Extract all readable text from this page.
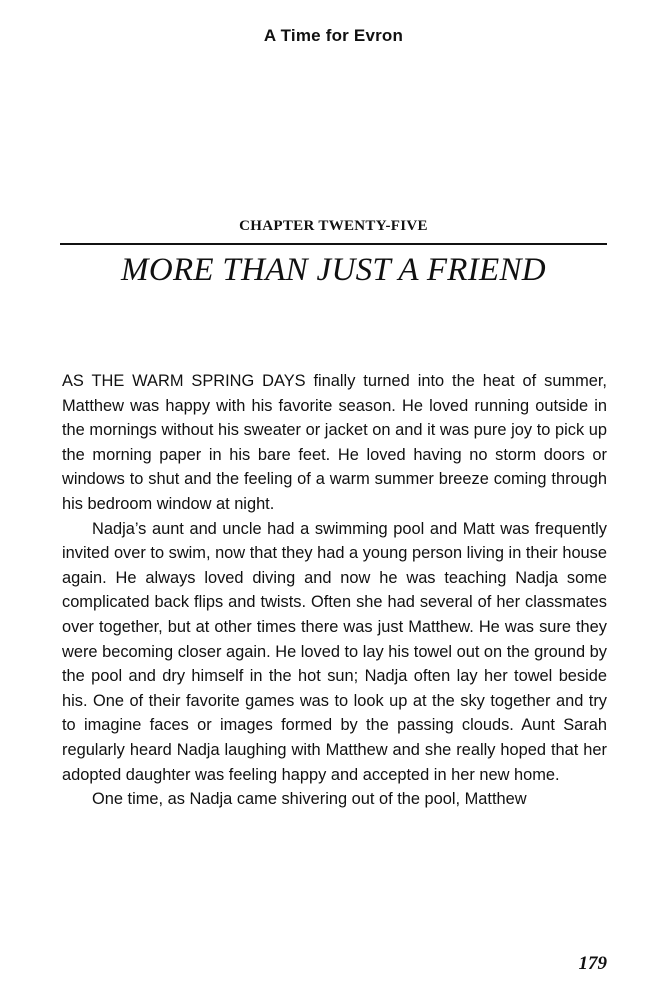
A Time for Evron
CHAPTER TWENTY-FIVE
MORE THAN JUST A FRIEND

AS THE WARM SPRING DAYS finally turned into the heat of summer, Matthew was happy with his favorite season. He loved running outside in the mornings without his sweater or jacket on and it was pure joy to pick up the morning paper in his bare feet. He loved having no storm doors or windows to shut and the feeling of a warm summer breeze coming through his bedroom window at night.

Nadja’s aunt and uncle had a swimming pool and Matt was frequently invited over to swim, now that they had a young person living in their house again. He always loved diving and now he was teaching Nadja some complicated back flips and twists. Often she had several of her classmates over together, but at other times there was just Matthew. He was sure they were becoming closer again. He loved to lay his towel out on the ground by the pool and dry himself in the hot sun; Nadja often lay her towel beside his. One of their favorite games was to look up at the sky together and try to imagine faces or images formed by the passing clouds. Aunt Sarah regularly heard Nadja laughing with Matthew and she really hoped that her adopted daughter was feeling happy and accepted in her new home.

One time, as Nadja came shivering out of the pool, Matthew

179
